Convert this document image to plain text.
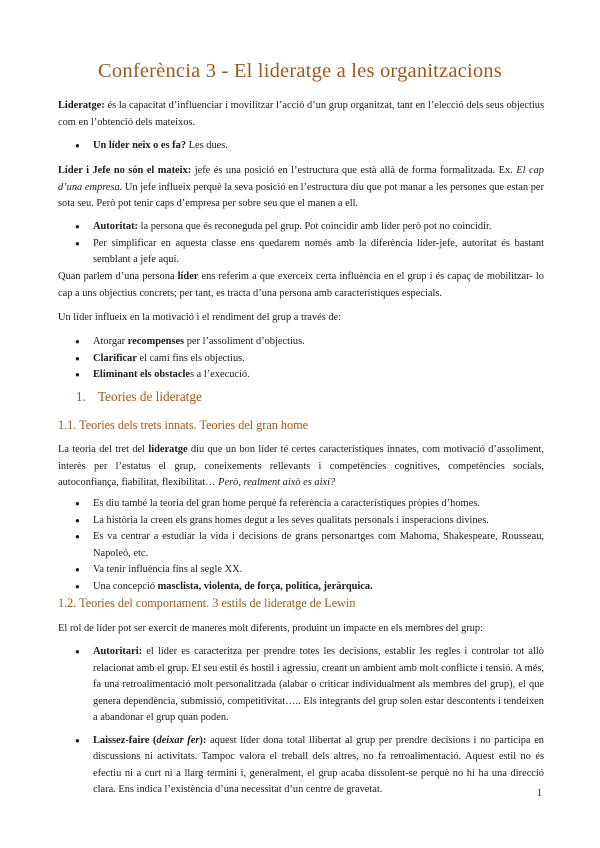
Conferència 3 - El lideratge a les organitzacions

Lideratge: és la capacitat d’influenciar i movilitzar l’acció d’un grup organitzat, tant en l’elecció dels seus objectius com en l’obtenció dels mateixos.

● Un líder neix o es fa? Les dues.

Líder i Jefe no són el mateix: jefe és una posició en l’estructura que està allà de forma formalitzada. Ex. El cap d’una empresa. Un jefe influeix perquè la seva posició en l’estructura diu que pot manar a les persones que estan per sota seu. Però pot tenir caps d’empresa per sobre seu que el manen a ell.

● Autoritat: la persona que és reconeguda pel grup. Pot coincidir amb líder però pot no coincidir.
● Per simplificar en aquesta classe ens quedarem només amb la diferència líder-jefe, autoritat és bastant semblant a jefe aquí.

Quan parlem d’una persona líder ens referim a que exerceix certa influència en el grup i és capaç de mobilitzar- lo cap a uns objectius concrets; per tant, es tracta d’una persona amb característiques especials.

Un líder influeix en la motivació i el rendiment del grup a través de:

● Atorgar recompenses per l’assoliment d’objectius.
● Clarificar el camí fins els objectius.
● Eliminant els obstacles a l’execució.
1. Teories de lideratge
1.1. Teories dels trets innats. Teories del gran home

La teoria del tret del lideratge diu que un bon líder té certes característiques innates, com motivació d’assoliment, interès per l’estatus el grup, coneixements rellevants i competències cognitives, competències socials, autoconfiança, fiabilitat, flexibilitat… Però, realment això es així?

● Es diu també la teoria del gran home perquè fa referència a característiques pròpies d’homes.
● La història la creen els grans homes degut a les seves qualitats personals i insperacions divines.
● Es va centrar a estudiar la vida i decisions de grans personartges com Mahoma, Shakespeare, Rousseau, Napoleó, etc.
● Va tenir influència fins al segle XX.
● Una concepció masclista, violenta, de força, política, jeràrquica.
1.2. Teories del comportament. 3 estils de lideratge de Lewin

El rol de líder pot ser exercit de maneres molt diferents, produint un impacte en els membres del grup:

● Autoritari: el líder es caracteritza per prendre totes les decisions, establir les regles i controlar tot allò relacionat amb el grup. El seu estil és hostil i agressiu, creant un ambient amb molt conflicte i tensió. A més, fa una retroalimentació molt personalitzada (alabar o criticar individualment als membres del grup), el que genera dependència, submissió, competitivitat….. Els integrants del grup solen estar descontents i tendeixen a abandonar el grup quan poden.
● Laissez-faire (deixar fer): aquest líder dona total llibertat al grup per prendre decisions i no participa en discussions ni activitats. Tampoc valora el treball dels altres, no fa retroalimentació. Aquest estil no és efectiu ni a curt ni a llarg termini i, generalment, el grup acaba dissolent-se perquè no hi ha una direcció clara. Ens indica l’existència d’una necessitat d’un centre de gravetat.	1
